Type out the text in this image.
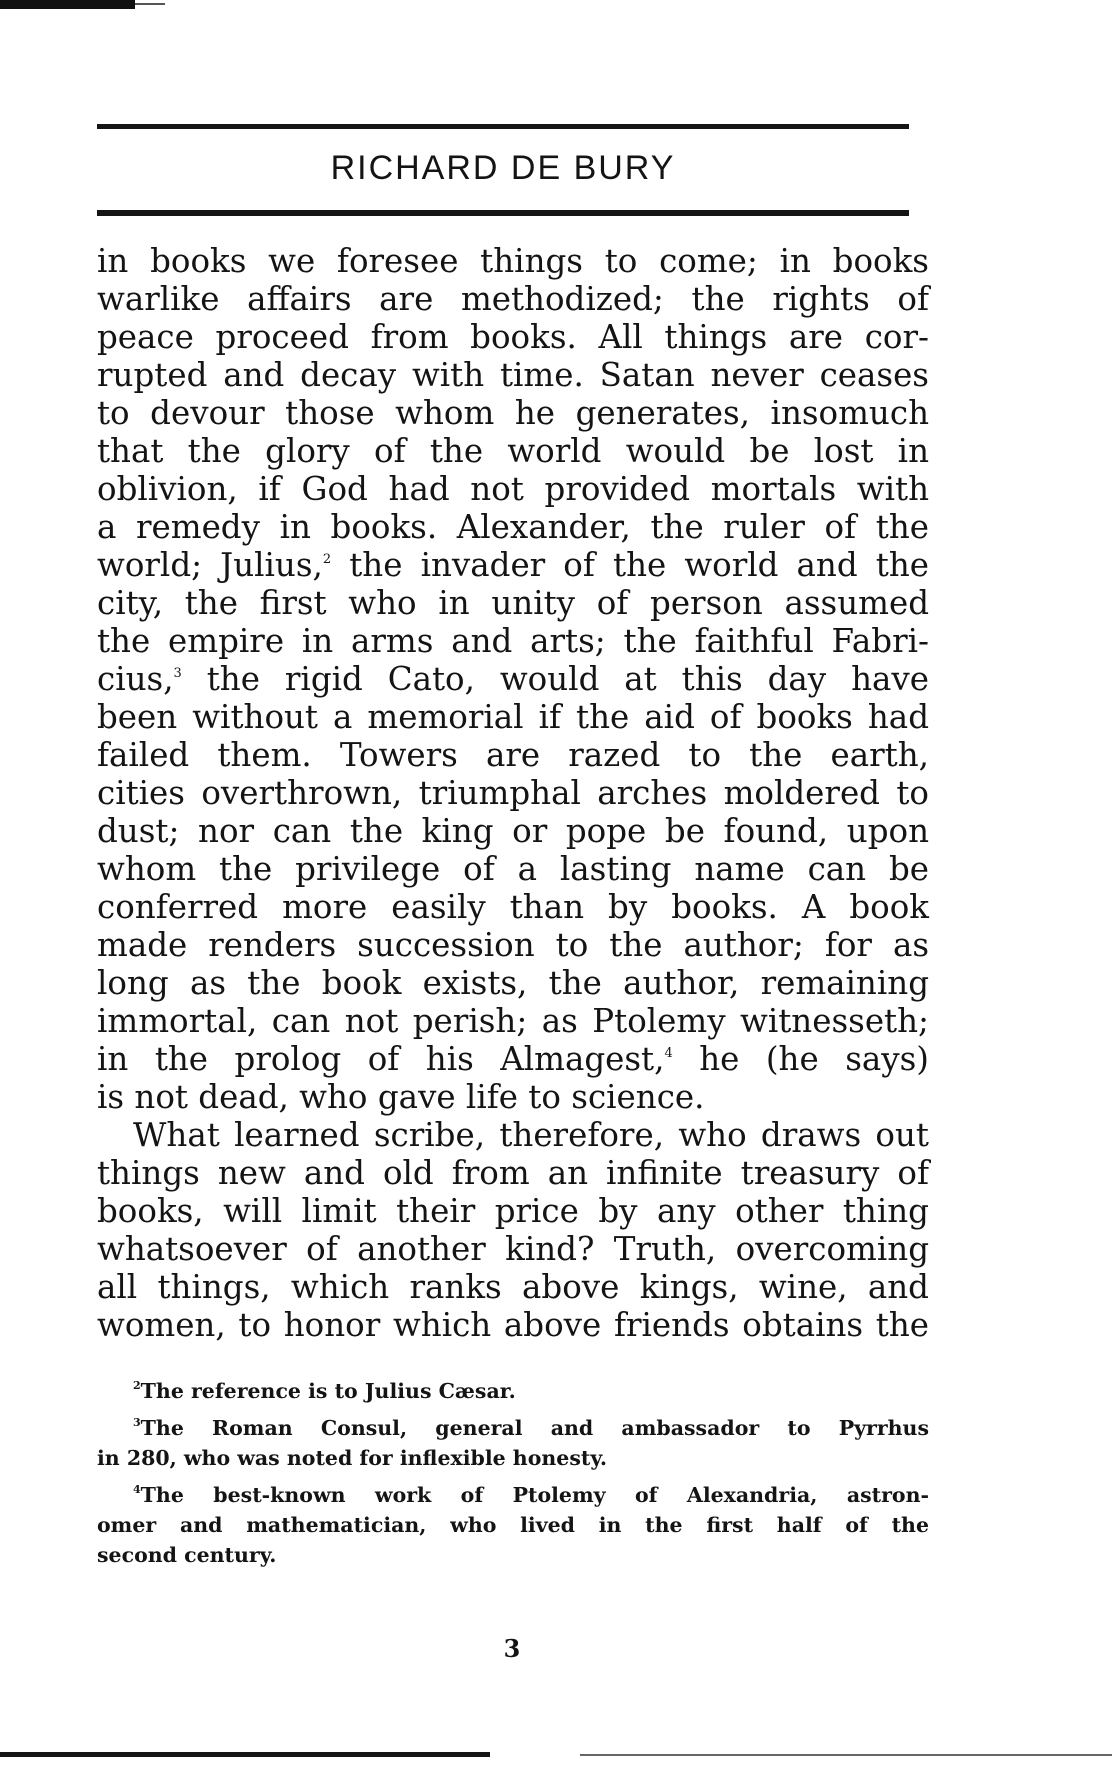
RICHARD DE BURY
in books we foresee things to come; in books
warlike affairs are methodized; the rights of
peace proceed from books. All things are cor-
rupted and decay with time. Satan never ceases
to devour those whom he generates, insomuch
that the glory of the world would be lost in
oblivion, if God had not provided mortals with
a remedy in books. Alexander, the ruler of the
world; Julius,$^2$ the invader of the world and the
city, the first who in unity of person assumed
the empire in arms and arts; the faithful Fabri-
cius,$^3$ the rigid Cato, would at this day have
been without a memorial if the aid of books had
failed them. Towers are razed to the earth,
cities overthrown, triumphal arches moldered to
dust; nor can the king or pope be found, upon
whom the privilege of a lasting name can be
conferred more easily than by books. A book
made renders succession to the author; for as
long as the book exists, the author, remaining
immortal, can not perish; as Ptolemy witnesseth;
in the prolog of his Almagest,$^4$ he (he says)
is not dead, who gave life to science.
What learned scribe, therefore, who draws out
things new and old from an infinite treasury of
books, will limit their price by any other thing
whatsoever of another kind? Truth, overcoming
all things, which ranks above kings, wine, and
women, to honor which above friends obtains the
$^2$The reference is to Julius Cæsar.
$^3$The Roman Consul, general and ambassador to Pyrrhus
in 280, who was noted for inflexible honesty.
$^4$The best-known work of Ptolemy of Alexandria, astron-
omer and mathematician, who lived in the first half of the
second century.
3
